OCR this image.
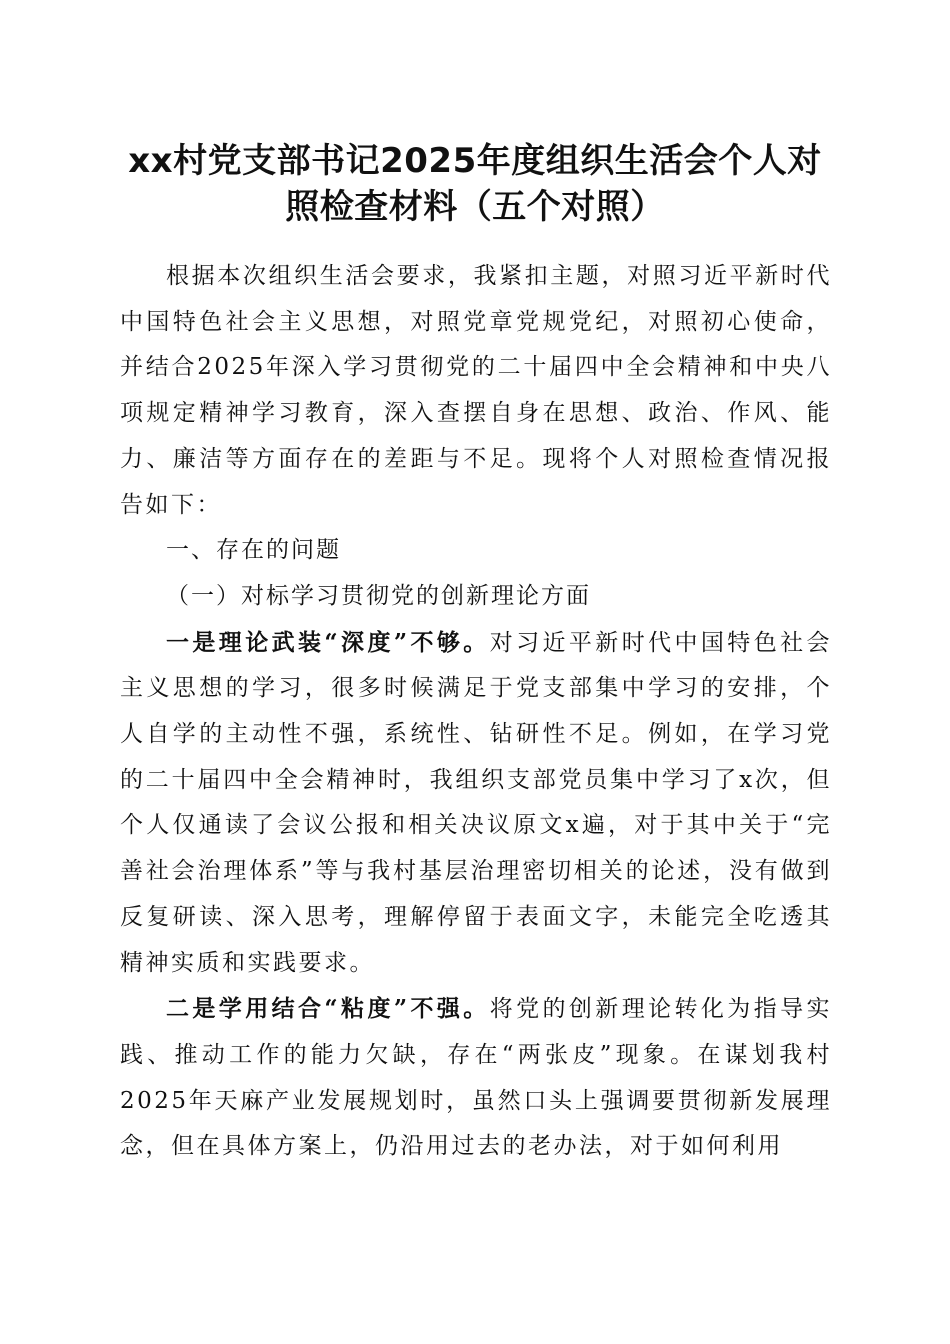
xx村党支部书记2025年度组织生活会个人对
照检查材料（五个对照）

根据本次组织生活会要求，我紧扣主题，对照习近平新时代中国特色社会主义思想，对照党章党规党纪，对照初心使命，并结合2025年深入学习贯彻党的二十届四中全会精神和中央八项规定精神学习教育，深入查摆自身在思想、政治、作风、能力、廉洁等方面存在的差距与不足。现将个人对照检查情况报告如下：

一、存在的问题

（一）对标学习贯彻党的创新理论方面

一是理论武装“深度”不够。对习近平新时代中国特色社会主义思想的学习，很多时候满足于党支部集中学习的安排，个人自学的主动性不强，系统性、钻研性不足。例如，在学习党的二十届四中全会精神时，我组织支部党员集中学习了x次，但个人仅通读了会议公报和相关决议原文x遍，对于其中关于“完善社会治理体系”等与我村基层治理密切相关的论述，没有做到反复研读、深入思考，理解停留于表面文字，未能完全吃透其精神实质和实践要求。

二是学用结合“粘度”不强。将党的创新理论转化为指导实践、推动工作的能力欠缺，存在“两张皮”现象。在谋划我村2025年天麻产业发展规划时，虽然口头上强调要贯彻新发展理念，但在具体方案上，仍沿用过去的老办法，对于如何利用
